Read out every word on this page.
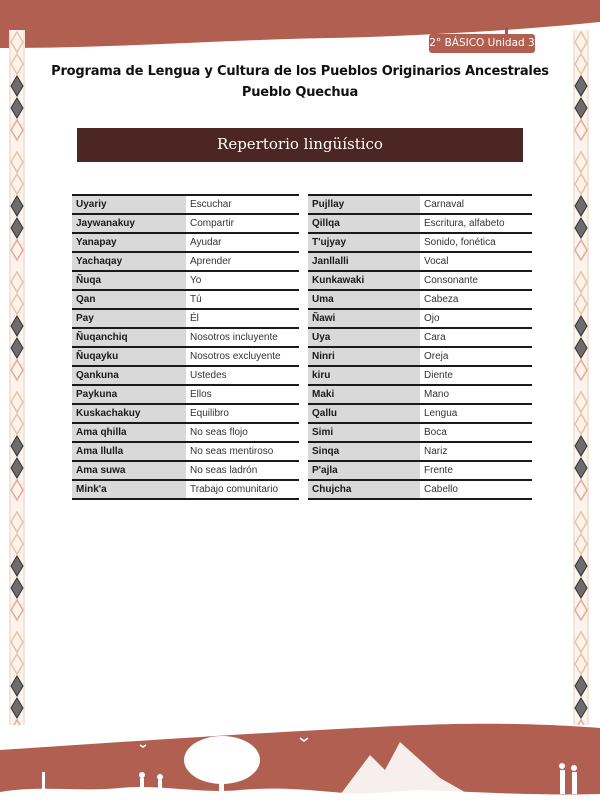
2° BÁSICO Unidad 3
Programa de Lengua y Cultura de los Pueblos Originarios Ancestrales
Pueblo Quechua
Repertorio lingüístico
Uyariy	Escuchar
Jaywanakuy	Compartir
Yanapay	Ayudar
Yachaqay	Aprender
Ñuqa	Yo
Qan	Tú
Pay	Él
Ñuqanchiq	Nosotros incluyente
Ñuqayku	Nosotros excluyente
Qankuna	Ustedes
Paykuna	Ellos
Kuskachakuy	Equilibro
Ama qhilla	No seas flojo
Ama llulla	No seas mentiroso
Ama suwa	No seas ladrón
Mink'a	Trabajo comunitario
Pujllay	Carnaval
Qillqa	Escritura, alfabeto
T'ujyay	Sonido, fonética
Janllalli	Vocal
Kunkawaki	Consonante
Uma	Cabeza
Ñawi	Ojo
Uya	Cara
Ninri	Oreja
kiru	Diente
Maki	Mano
Qallu	Lengua
Simi	Boca
Sinqa	Nariz
P'ajla	Frente
Chujcha	Cabello
